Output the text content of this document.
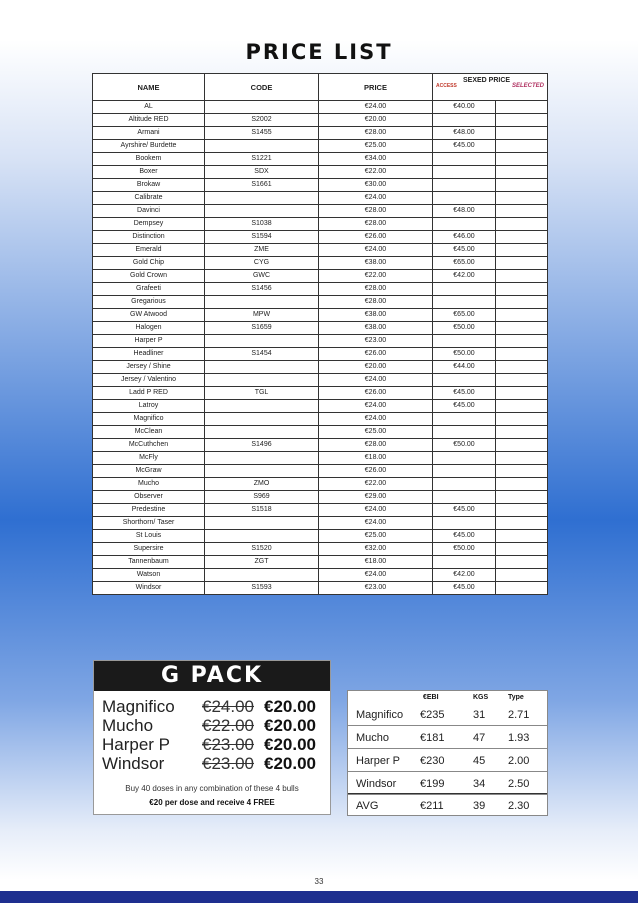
PRICE LIST
NAME	CODE	PRICE	ACCESS
SEXED PRICE
SELECTED	

AL		€24.00	€40.00	
Altitude RED	S2002	€20.00		
Armani	S1455	€28.00	€48.00	
Ayrshire/ Burdette		€25.00	€45.00	
Bookem	S1221	€34.00		
Boxer	SDX	€22.00		
Brokaw	S1661	€30.00		
Calibrate		€24.00		
Davinci		€28.00	€48.00	
Dempsey	S1038	€28.00		
Distinction	S1594	€26.00	€46.00	
Emerald	ZME	€24.00	€45.00	
Gold Chip	CYG	€38.00	€65.00	
Gold Crown	GWC	€22.00	€42.00	
Grafeeti	S1456	€28.00		
Gregarious		€28.00		
GW Atwood	MPW	€38.00	€65.00	
Halogen	S1659	€38.00	€50.00	
Harper P		€23.00		
Headliner	S1454	€26.00	€50.00	
Jersey / Shine		€20.00	€44.00	
Jersey / Valentino		€24.00		
Ladd P RED	TGL	€26.00	€45.00	
Latroy		€24.00	€45.00	
Magnifico		€24.00		
McClean		€25.00		
McCuthchen	S1496	€28.00	€50.00	
McFly		€18.00		
McGraw		€26.00		
Mucho	ZMO	€22.00		
Observer	S969	€29.00		
Predestine	S1518	€24.00	€45.00	
Shorthorn/ Taser		€24.00		
St Louis		€25.00	€45.00	
Supersire	S1520	€32.00	€50.00	
Tannenbaum	ZGT	€18.00		
Watson		€24.00	€42.00	
Windsor	S1593	€23.00	€45.00	
G PACK
Magnifico €24.00 €20.00
Mucho	€22.00 €20.00
Harper P €23.00 €20.00
Windsor €23.00 €20.00
Buy 40 doses in any combination of these 4 bulls
€20 per dose and receive 4 FREE
€EBI	KGS	Type
Magnifico €235	31 2.71
Mucho	€181	47 1.93
Harper P €230	45 2.00
Windsor €199	34 2.50
AVG	€211	39 2.30
33
